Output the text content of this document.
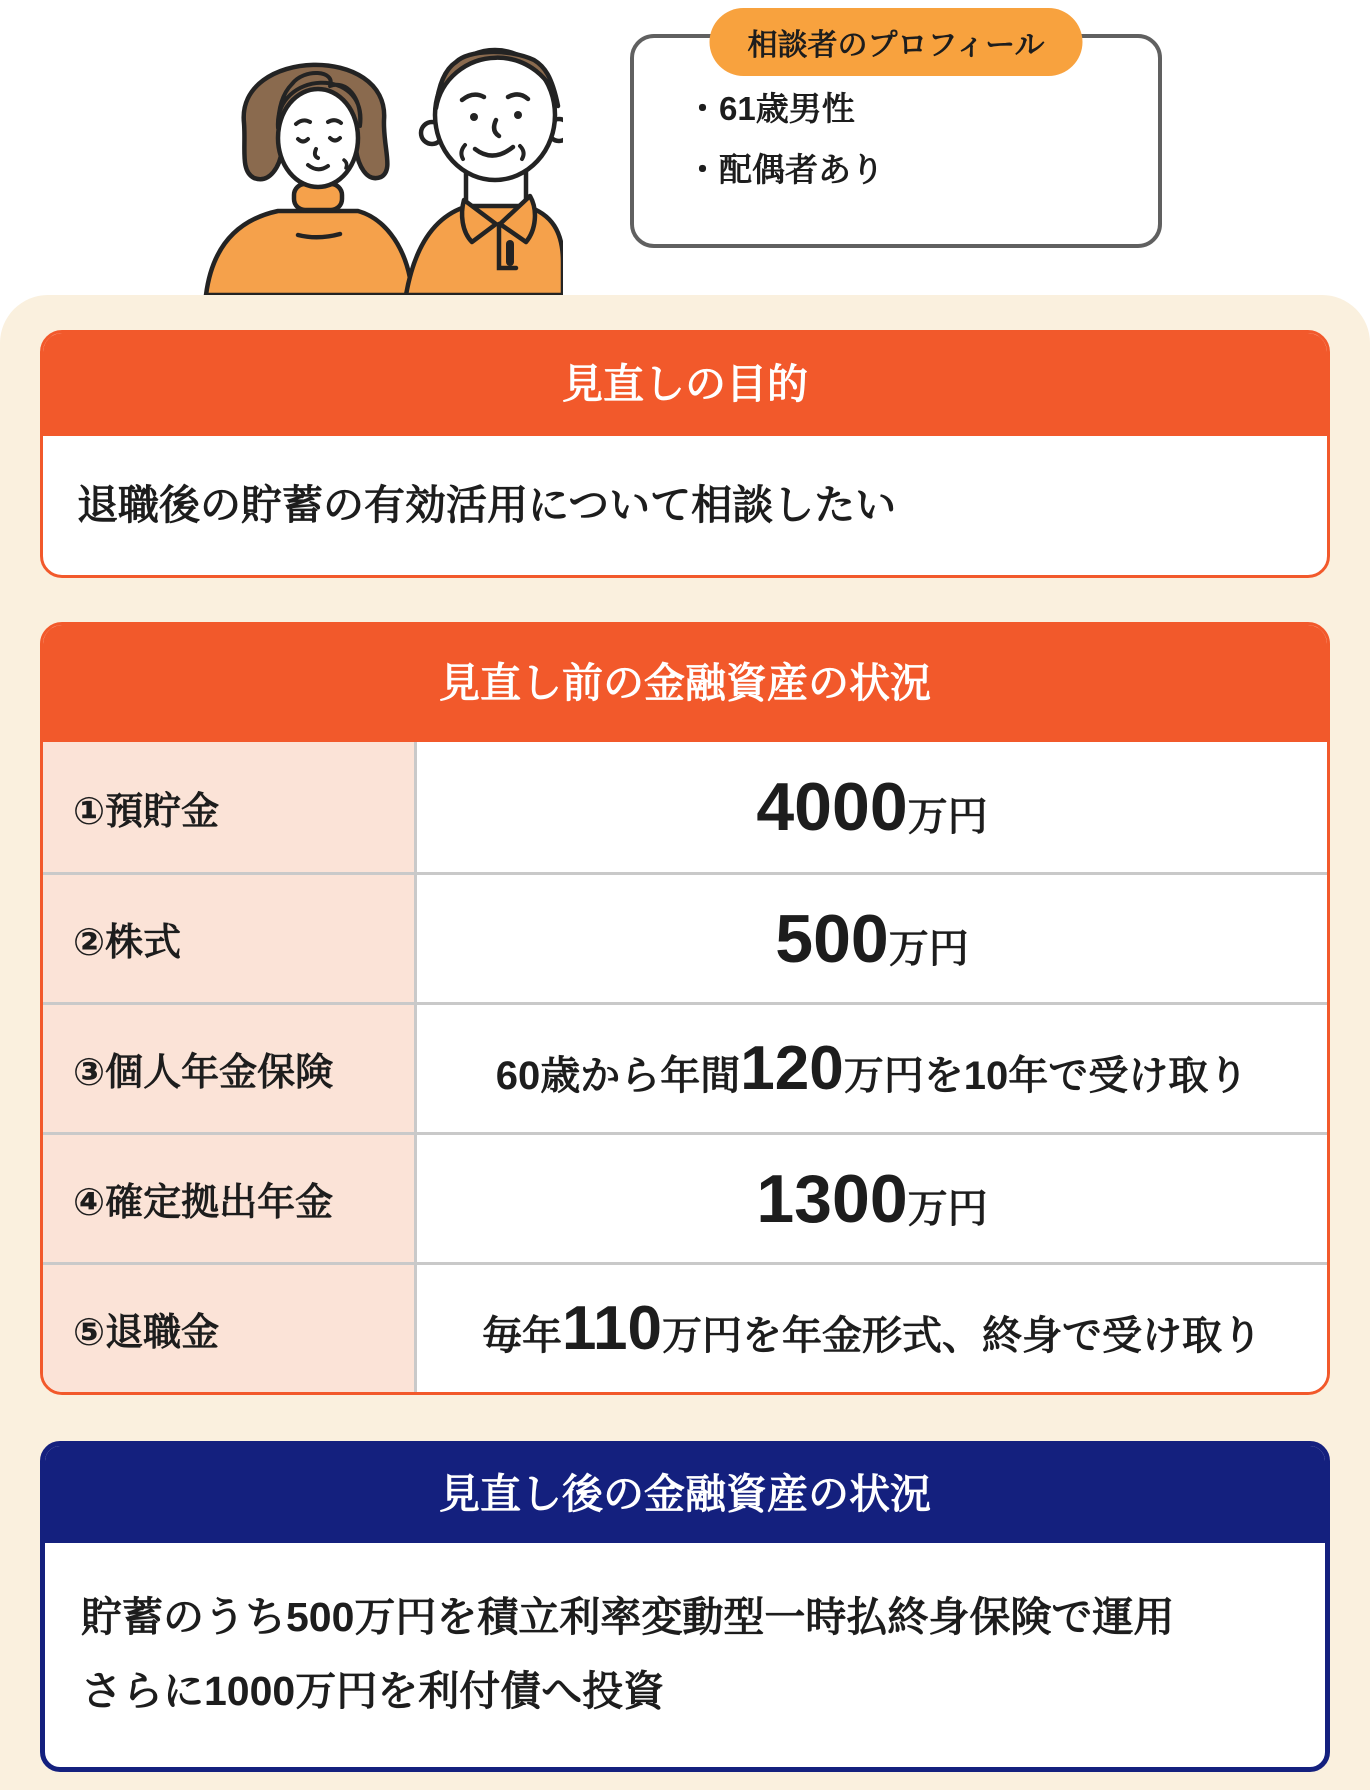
相談者のプロフィール
・61歳男性
・配偶者あり
見直しの目的
退職後の貯蓄の有効活用について相談したい
見直し前の金融資産の状況
①預貯金	4000万円
②株式	500万円
③個人年金保険	60歳から年間120万円を10年で受け取り
④確定拠出年金	1300万円
⑤退職金	毎年110万円を年金形式、終身で受け取り
見直し後の金融資産の状況
貯蓄のうち500万円を積立利率変動型一時払終身保険で運用
さらに1000万円を利付債へ投資
